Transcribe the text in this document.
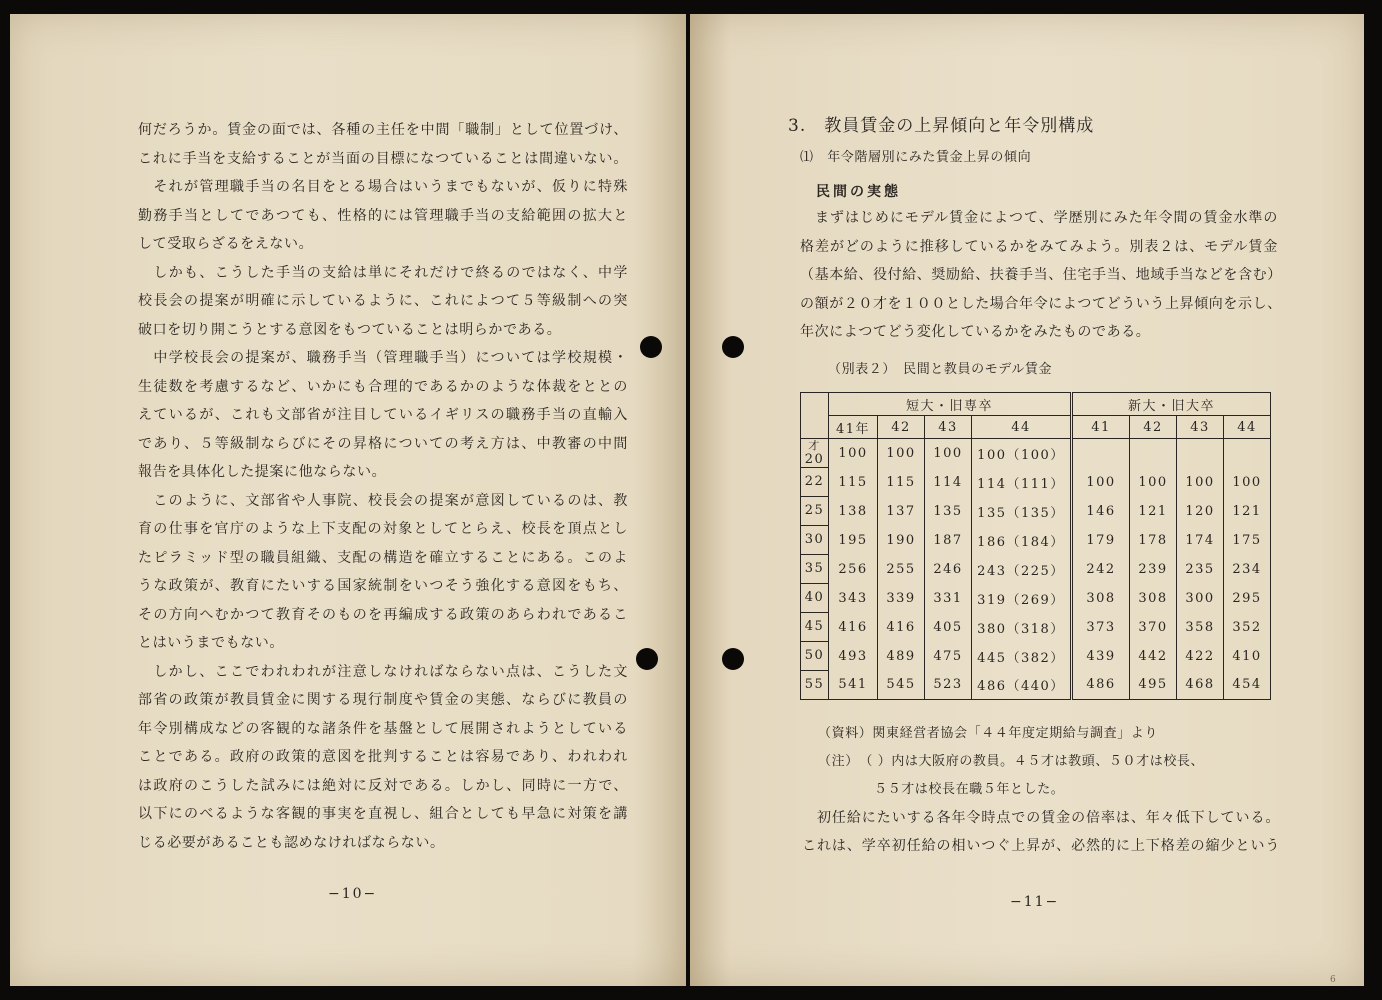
何だろうか。賃金の面では、各種の主任を中間「職制」として位置づけ、
これに手当を支給することが当面の目標になつていることは間違いない。
　それが管理職手当の名目をとる場合はいうまでもないが、仮りに特殊
勤務手当としてであつても、性格的には管理職手当の支給範囲の拡大と
して受取らざるをえない。
　しかも、こうした手当の支給は単にそれだけで終るのではなく、中学
校長会の提案が明確に示しているように、これによつて５等級制への突
破口を切り開こうとする意図をもつていることは明らかである。
　中学校長会の提案が、職務手当（管理職手当）については学校規模・
生徒数を考慮するなど、いかにも合理的であるかのような体裁をととの
えているが、これも文部省が注目しているイギリスの職務手当の直輸入
であり、５等級制ならびにその昇格についての考え方は、中教審の中間
報告を具体化した提案に他ならない。
　このように、文部省や人事院、校長会の提案が意図しているのは、教
育の仕事を官庁のような上下支配の対象としてとらえ、校長を頂点とし
たピラミッド型の職員組織、支配の構造を確立することにある。このよ
うな政策が、教育にたいする国家統制をいつそう強化する意図をもち、
その方向へむかつて教育そのものを再編成する政策のあらわれであるこ
とはいうまでもない。
　しかし、ここでわれわれが注意しなければならない点は、こうした文
部省の政策が教員賃金に関する現行制度や賃金の実態、ならびに教員の
年令別構成などの客観的な諸条件を基盤として展開されようとしている
ことである。政府の政策的意図を批判することは容易であり、われわれ
は政府のこうした試みには絶対に反対である。しかし、同時に一方で、
以下にのべるような客観的事実を直視し、組合としても早急に対策を講
じる必要があることも認めなければならない。
−10−
3.　教員賃金の上昇傾向と年令別構成
⑴　年令階層別にみた賃金上昇の傾向
民間の実態
　まずはじめにモデル賃金によつて、学歴別にみた年令間の賃金水準の
格差がどのように推移しているかをみてみよう。別表２は、モデル賃金
（基本給、役付給、奨励給、扶養手当、住宅手当、地域手当などを含む）
の額が２０才を１００とした場合年令によつてどういう上昇傾向を示し、
年次によつてどう変化しているかをみたものである。
（別表２）　民間と教員のモデル賃金
	短大・旧専卒				新大・旧大卒			
	41年	42	43	44	41	42	43	44

才
20	100	100	100	100（100）				

22	115	115	114	114（111）	100	100	100	100

25	138	137	135	135（135）	146	121	120	121

30	195	190	187	186（184）	179	178	174	175

35	256	255	246	243（225）	242	239	235	234

40	343	339	331	319（269）	308	308	300	295

45	416	416	405	380（318）	373	370	358	352

50	493	489	475	445（382）	439	442	422	410

55	541	545	523	486（440）	486	495	468	454
（資料）関東経営者協会「４４年度定期給与調査」より
（注）　（ ）内は大阪府の教員。４５才は教頭、５０才は校長、
５５才は校長在職５年とした。
　初任給にたいする各年令時点での賃金の倍率は、年々低下している。
これは、学卒初任給の相いつぐ上昇が、必然的に上下格差の縮少という
−11−
6
